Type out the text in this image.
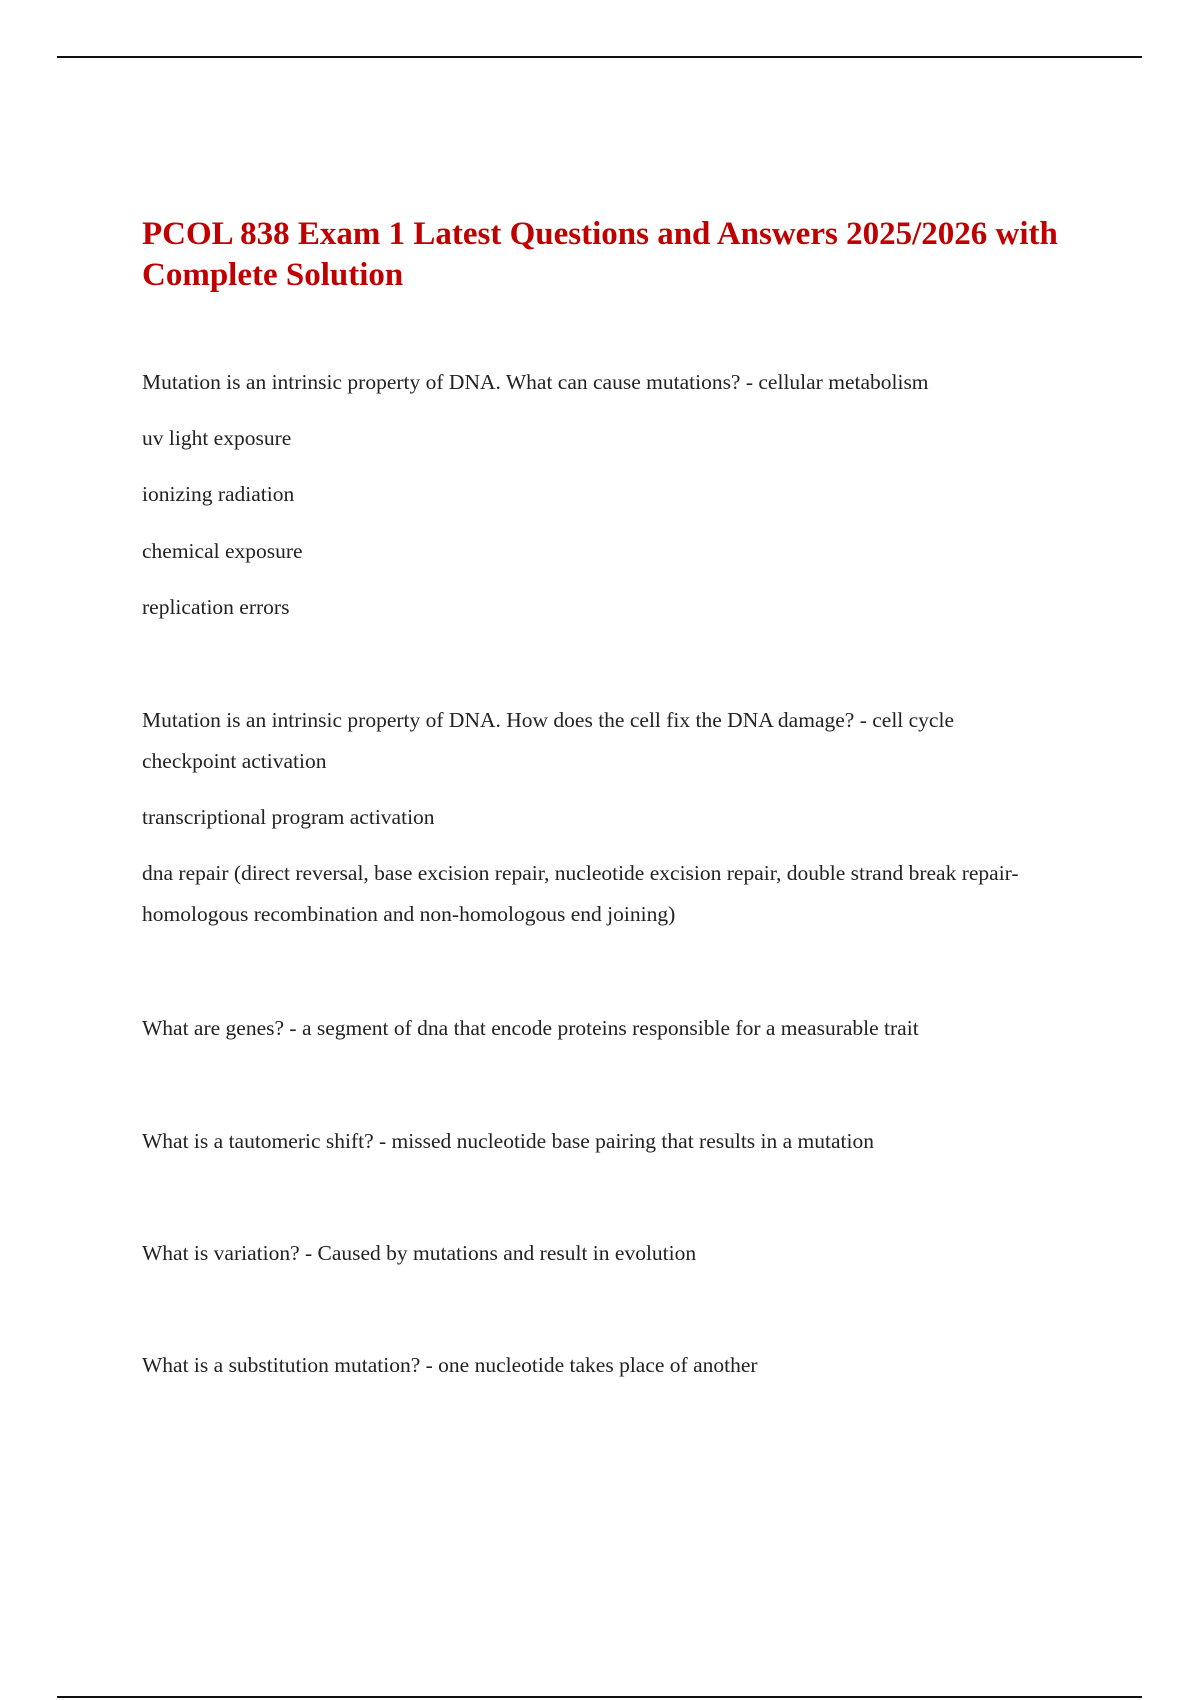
PCOL 838 Exam 1 Latest Questions and Answers 2025/2026 with Complete Solution

Mutation is an intrinsic property of DNA. What can cause mutations? - cellular metabolism

uv light exposure

ionizing radiation

chemical exposure

replication errors

Mutation is an intrinsic property of DNA. How does the cell fix the DNA damage? - cell cycle checkpoint activation

transcriptional program activation

dna repair (direct reversal, base excision repair, nucleotide excision repair, double strand break repair-homologous recombination and non-homologous end joining)

What are genes? - a segment of dna that encode proteins responsible for a measurable trait

What is a tautomeric shift? - missed nucleotide base pairing that results in a mutation

What is variation? - Caused by mutations and result in evolution

What is a substitution mutation? - one nucleotide takes place of another
